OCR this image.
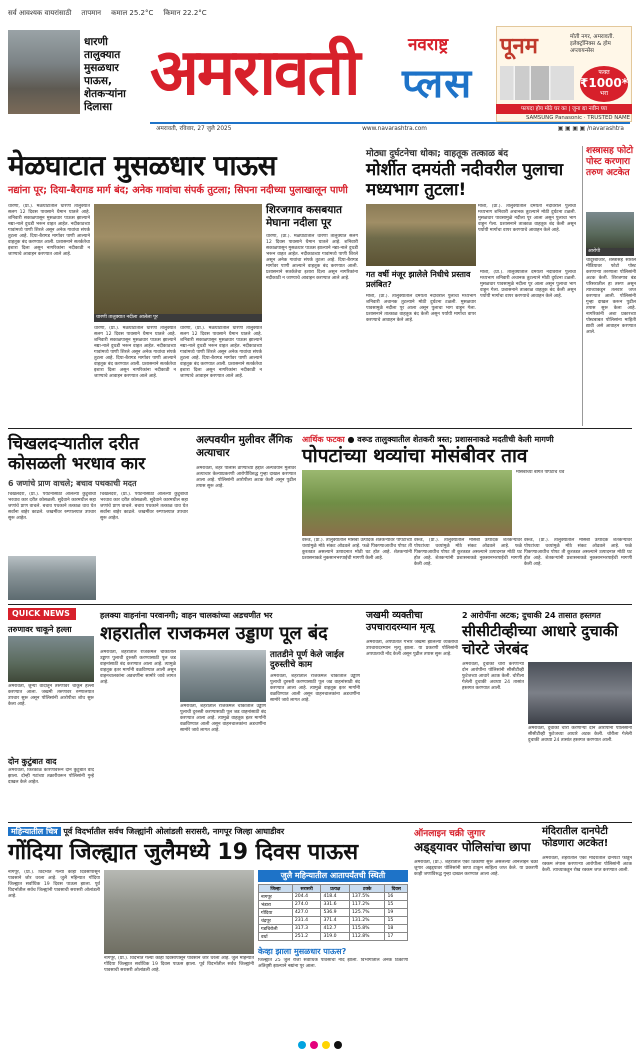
सर्व आवश्यक वायरांसाठी तापमान कमाल 25.2°C किमान 22.2°C
धारणी तालुक्यात मुसळधार पाऊस, शेतकऱ्यांना दिलासा अमरावती	नवराष्ट्र
प्लस
पूनम	मोती नगर, अमरावती.
इलेक्ट्रॉनिक्स & होम अप्लायन्सेस
फक्त
₹1000*
भरा
फायदा होय मोठे घर का | जुना द्या नवीन घ्या
SAMSUNG Panasonic · TRUSTED NAME
अमरावती, रविवार, 27 जुलै 2025	www.navarashtra.com	▣ ▣ ▣ ▣ /navarashtra
मेळघाटात मुसळधार पाऊस
नद्यांना पूर; दिया-बैरागड मार्ग बंद; अनेक गावांचा संपर्क तुटला; सिपना नदीच्या पुलाखालून पाणी
धारणी, (प्रा.). मेळघाटातील धारणी तालुक्यात सलग 12 दिवस पावसाने थैमान घातले आहे. शनिवारी सकाळपासून मुसळधार पाऊस झाल्याने नद्या-नाले दुथडी भरून वाहत आहेत. नदीकाठच्या गावांमध्ये पाणी शिरले असून अनेक गावांचा संपर्क तुटला आहे. दिया-बैरागड मार्गावर पाणी आल्याने वाहतूक बंद करण्यात आली. प्रशासनाने सतर्कतेचा इशारा दिला असून नागरिकांना नदीकाठी न जाण्याचे आवाहन करण्यात आले आहे.
धारणी तालुक्यात नदीला आलेला पूर
धारणी, (प्रा.). मेळघाटातील धारणी तालुक्यात सलग 12 दिवस पावसाने थैमान घातले आहे. शनिवारी सकाळपासून मुसळधार पाऊस झाल्याने नद्या-नाले दुथडी भरून वाहत आहेत. नदीकाठच्या गावांमध्ये पाणी शिरले असून अनेक गावांचा संपर्क तुटला आहे. दिया-बैरागड मार्गावर पाणी आल्याने वाहतूक बंद करण्यात आली. प्रशासनाने सतर्कतेचा इशारा दिला असून नागरिकांना नदीकाठी न जाण्याचे आवाहन करण्यात आले आहे.
धारणी, (प्रा.). मेळघाटातील धारणी तालुक्यात सलग 12 दिवस पावसाने थैमान घातले आहे. शनिवारी सकाळपासून मुसळधार पाऊस झाल्याने नद्या-नाले दुथडी भरून वाहत आहेत. नदीकाठच्या गावांमध्ये पाणी शिरले असून अनेक गावांचा संपर्क तुटला आहे. दिया-बैरागड मार्गावर पाणी आल्याने वाहतूक बंद करण्यात आली. प्रशासनाने सतर्कतेचा इशारा दिला असून नागरिकांना नदीकाठी न जाण्याचे आवाहन करण्यात आले आहे.
शिरजगाव कसबयात मेघाना नदीला पूर
धारणी, (प्रा.). मेळघाटातील धारणी तालुक्यात सलग 12 दिवस पावसाने थैमान घातले आहे. शनिवारी सकाळपासून मुसळधार पाऊस झाल्याने नद्या-नाले दुथडी भरून वाहत आहेत. नदीकाठच्या गावांमध्ये पाणी शिरले असून अनेक गावांचा संपर्क तुटला आहे. दिया-बैरागड मार्गावर पाणी आल्याने वाहतूक बंद करण्यात आली. प्रशासनाने सतर्कतेचा इशारा दिला असून नागरिकांना नदीकाठी न जाण्याचे आवाहन करण्यात आले आहे.
मोठ्या दुर्घटनेचा धोका; वाहतूक तत्काळ बंद
मोर्शीत दमयंती नदीवरील पुलाचा मध्यभाग तुटला!
मोर्शी, (प्रा.). तालुक्यातील दमयंती नदीवरील पुलाचा मध्यभाग शनिवारी अचानक तुटल्याने मोठी दुर्घटना टळली. मुसळधार पावसामुळे नदीला पूर आला असून पुलाचा भाग वाहून गेला. प्रशासनाने तात्काळ वाहतूक बंद केली असून पर्यायी मार्गाचा वापर करण्याचे आवाहन केले आहे.
गत वर्षी मंजूर झालेले निधीचे प्रस्ताव प्रलंबित?
मोर्शी, (प्रा.). तालुक्यातील दमयंती नदीवरील पुलाचा मध्यभाग शनिवारी अचानक तुटल्याने मोठी दुर्घटना टळली. मुसळधार पावसामुळे नदीला पूर आला असून पुलाचा भाग वाहून गेला. प्रशासनाने तात्काळ वाहतूक बंद केली असून पर्यायी मार्गाचा वापर करण्याचे आवाहन केले आहे.
मोर्शी, (प्रा.). तालुक्यातील दमयंती नदीवरील पुलाचा मध्यभाग शनिवारी अचानक तुटल्याने मोठी दुर्घटना टळली. मुसळधार पावसामुळे नदीला पूर आला असून पुलाचा भाग वाहून गेला. प्रशासनाने तात्काळ वाहतूक बंद केली असून पर्यायी मार्गाचा वापर करण्याचे आवाहन केले आहे.
शस्त्रासह फोटो पोस्ट करणारा तरुण अटकेत
आरोपी
चांदूरबाजार, शस्त्रासह सोशल मीडियावर फोटो पोस्ट करणाऱ्या तरुणाला पोलिसांनी अटक केली. शिरजगाव बंड परिसरातील हा तरुण असून त्याच्याकडून तलवार जप्त करण्यात आली. पोलिसांनी गुन्हा दाखल करून पुढील तपास सुरू केला आहे. नागरिकांनी अशा प्रकारच्या पोस्टबाबत पोलिसांना माहिती द्यावी असे आवाहन करण्यात आले.
चिखलदऱ्यातील दरीत कोसळली भरधाव कार
6 जणांचे प्राण वाचले; बचाव पथकाची मदत
चिखलदरा, (प्रा.). पर्यटनासाठी आलेल्या कुटुंबाची भरधाव कार दरीत कोसळली. सुदैवाने कारमधील सहा जणांचे प्राण वाचले. बचाव पथकाने तत्काळ धाव घेत सर्वांना बाहेर काढले. जखमींवर रुग्णालयात उपचार सुरू आहेत.
चिखलदरा, (प्रा.). पर्यटनासाठी आलेल्या कुटुंबाची भरधाव कार दरीत कोसळली. सुदैवाने कारमधील सहा जणांचे प्राण वाचले. बचाव पथकाने तत्काळ धाव घेत सर्वांना बाहेर काढले. जखमींवर रुग्णालयात उपचार सुरू आहेत.
अल्पवयीन मुलीवर लैंगिक अत्याचार
अमरावती, शहर पोलीस ठाण्याच्या हद्दीत अल्पवयीन मुलीवर अत्याचार केल्याप्रकरणी आरोपीविरुद्ध गुन्हा दाखल करण्यात आला आहे. पोलिसांनी आरोपीला अटक केली असून पुढील तपास सुरू आहे.
आर्थिक फटका ● वरूड तालुक्यातील शेतकरी त्रस्त; प्रशासनाकडे मदतीची केली मागणी
पोपटांच्या थव्यांचा मोसंबीवर ताव
मोसंबीच्या बागेत पोपटांचे थवे
वरूड, (प्रा.). तालुक्यातील मोसंबी उत्पादक शेतकऱ्यांवर पोपटांच्या थव्यांमुळे मोठे संकट ओढवले आहे. फळे पिकण्याआधीच पोपट ती कुरतडत असल्याने उत्पादनात मोठी घट होत आहे. शेतकऱ्यांनी प्रशासनाकडे नुकसानभरपाईची मागणी केली आहे.
वरूड, (प्रा.). तालुक्यातील मोसंबी उत्पादक शेतकऱ्यांवर पोपटांच्या थव्यांमुळे मोठे संकट ओढवले आहे. फळे पिकण्याआधीच पोपट ती कुरतडत असल्याने उत्पादनात मोठी घट होत आहे. शेतकऱ्यांनी प्रशासनाकडे नुकसानभरपाईची मागणी केली आहे.
वरूड, (प्रा.). तालुक्यातील मोसंबी उत्पादक शेतकऱ्यांवर पोपटांच्या थव्यांमुळे मोठे संकट ओढवले आहे. फळे पिकण्याआधीच पोपट ती कुरतडत असल्याने उत्पादनात मोठी घट होत आहे. शेतकऱ्यांनी प्रशासनाकडे नुकसानभरपाईची मागणी केली आहे.
QUICK NEWS
तरुणावर चाकूने हल्ला
अमरावती, जुन्या वादातून तरुणावर चाकूने हल्ला करण्यात आला. जखमी तरुणावर रुग्णालयात उपचार सुरू असून पोलिसांनी आरोपीचा शोध सुरू केला आहे.
दोन कुटुंबात वाद
अमरावती, किरकोळ कारणावरून दोन कुटुंबात वाद झाला. दोन्ही गटांच्या तक्रारीवरून पोलिसांनी गुन्हे दाखल केले आहेत.
हलक्या वाहनांना परवानगी; वाहन चालकांच्या अडचणीत भर
शहरातील राजकमल उड्डाण पूल बंद
अमरावती, शहरातील राजकमल चौकातील उड्डाण पुलाची दुरुस्ती करण्यासाठी पूल जड वाहनांसाठी बंद करण्यात आला आहे. त्यामुळे वाहतूक इतर मार्गांनी वळविण्यात आली असून वाहनचालकांना अडचणींना सामोरे जावे लागत आहे.
तातडीने पूर्ण केले जाईल दुरुस्तीचे काम
अमरावती, शहरातील राजकमल चौकातील उड्डाण पुलाची दुरुस्ती करण्यासाठी पूल जड वाहनांसाठी बंद करण्यात आला आहे. त्यामुळे वाहतूक इतर मार्गांनी वळविण्यात आली असून वाहनचालकांना अडचणींना सामोरे जावे लागत आहे.
अमरावती, शहरातील राजकमल चौकातील उड्डाण पुलाची दुरुस्ती करण्यासाठी पूल जड वाहनांसाठी बंद करण्यात आला आहे. त्यामुळे वाहतूक इतर मार्गांनी वळविण्यात आली असून वाहनचालकांना अडचणींना सामोरे जावे लागत आहे.
जखमी व्यक्तीचा उपचारादरम्यान मृत्यू
अमरावती, अपघातात गंभीर जखमी झालेल्या व्यक्तीचा उपचारादरम्यान मृत्यू झाला. या प्रकरणी पोलिसांनी अपघाताची नोंद केली असून पुढील तपास सुरू आहे.
2 आरोपींना अटक; दुचाकी 24 तासात हस्तगत
सीसीटीव्हीच्या आधारे दुचाकी चोरटे जेरबंद
अमरावती, दुचाकी चोरी करणाऱ्या दोन आरोपींना पोलिसांनी सीसीटीव्ही फुटेजच्या आधारे अटक केली. चोरीला गेलेली दुचाकी अवघ्या 24 तासांत हस्तगत करण्यात आली.
अमरावती, दुचाकी चोरी करणाऱ्या दोन आरोपींना पोलिसांनी सीसीटीव्ही फुटेजच्या आधारे अटक केली. चोरीला गेलेली दुचाकी अवघ्या 24 तासांत हस्तगत करण्यात आली.
महिन्यातील चित्र पूर्व विदर्भातील सर्वच जिल्ह्यांनी ओलांडली सरासरी, नागपूर जिल्हा आघाडीवर
गोंदिया जिल्ह्यात जुलैमध्ये 19 दिवस पाऊस
नागपूर, (प्रा.). विदर्भात गेल्या काही दिवसांपासून पावसाने जोर धरला आहे. जुलै महिन्यात गोंदिया जिल्ह्यात सर्वाधिक 19 दिवस पाऊस झाला. पूर्व विदर्भातील सर्वच जिल्ह्यांनी पावसाची सरासरी ओलांडली आहे.
नागपूर, (प्रा.). विदर्भात गेल्या काही दिवसांपासून पावसाने जोर धरला आहे. जुलै महिन्यात गोंदिया जिल्ह्यात सर्वाधिक 19 दिवस पाऊस झाला. पूर्व विदर्भातील सर्वच जिल्ह्यांनी पावसाची सरासरी ओलांडली आहे.
जुलै महिन्यातील आतापर्यंतची स्थिती
जिल्हा	सरासरी	प्रत्यक्ष	टक्के	दिवस
नागपूर	204.4	418.4	137.5%	16
भंडारा	274.0	331.6	117.2%	15
गोंदिया	427.0	536.9	125.7%	19
चंद्रपूर	231.4	371.4	131.2%	15
गडचिरोली	317.3	412.7	115.8%	18
वर्धा	251.2	319.0	112.8%	17
केव्हा झाला मुसळधार पाऊस?
जिल्ह्यात 25 जुलै रोजी सर्वाधिक पावसाची नोंद झाली. विभागातील अनेक ठिकाणी अतिवृष्टी झाल्याने नद्यांना पूर आला.
ऑनलाइन चक्री जुगार
अड्ड्यावर पोलिसांचा छापा
अमरावती, (प्रा.). शहरातील एका ठिकाणी सुरू असलेल्या ऑनलाइन चक्री जुगार अड्ड्यावर पोलिसांनी छापा टाकून साहित्य जप्त केले. या प्रकरणी काही जणांविरुद्ध गुन्हा दाखल करण्यात आला आहे.
मंदिरातील दानपेटी फोडणारा अटकेत!
अमरावती, शहरातील एका मंदिरातील दानपेटी फोडून रक्कम लंपास करणाऱ्या आरोपीला पोलिसांनी अटक केली. त्याच्याकडून रोख रक्कम जप्त करण्यात आली.
